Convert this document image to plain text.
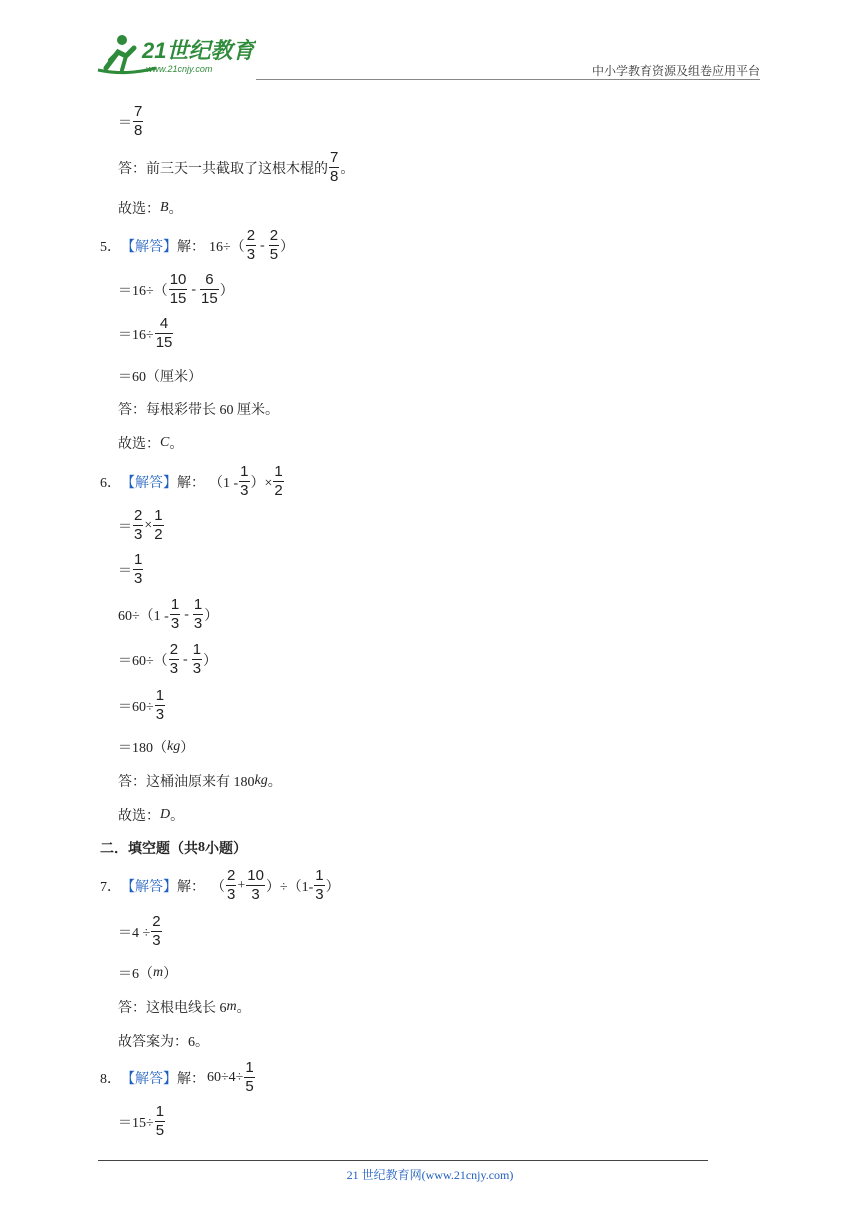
21世纪教育
www.21cnjy.com	中小学教育资源及组卷应用平台
＝ $\frac{7}{8}$
答：前三天一共截取了这根木棍的 $\frac{7}{8}$ 。
故选： B 。
5． 【解答】 解： $16\div( \frac{2}{3} - \frac{2}{5}$ ）
$=16\div( \frac{10}{15} - \frac{6}{15}$ ）
$=16\div \frac{4}{15}$
＝60（厘米）
答：每根彩带长 60 厘米。
故选： C 。
6． 【解答】 解： （$1 - \frac{1}{3}$ ）× $\frac{1}{2}$
＝ $\frac{2}{3} \times \frac{1}{2}$
＝ $\frac{1}{3}$
$60\div(1 - \frac{1}{3} - \frac{1}{3}$ ）
$=60\div( \frac{2}{3} - \frac{1}{3}$ ）
$=60\div \frac{1}{3}$
＝180（ kg ）
答：这桶油原来有 180 kg 。
故选： D 。
二．填空题（共 8 小题）
7． 【解答】 解： （ $\frac{2}{3} + \frac{10}{3} )\div(1- \frac{1}{3}$ ）
$=4 \div \frac{2}{3}$
＝6（ m ）
答：这根电线长 6 m 。
故答案为：6。
8． 【解答】 解： $60\div 4\div \frac{1}{5}$
$=15\div \frac{1}{5}$
21 世纪教育网(www.21cnjy.com)
